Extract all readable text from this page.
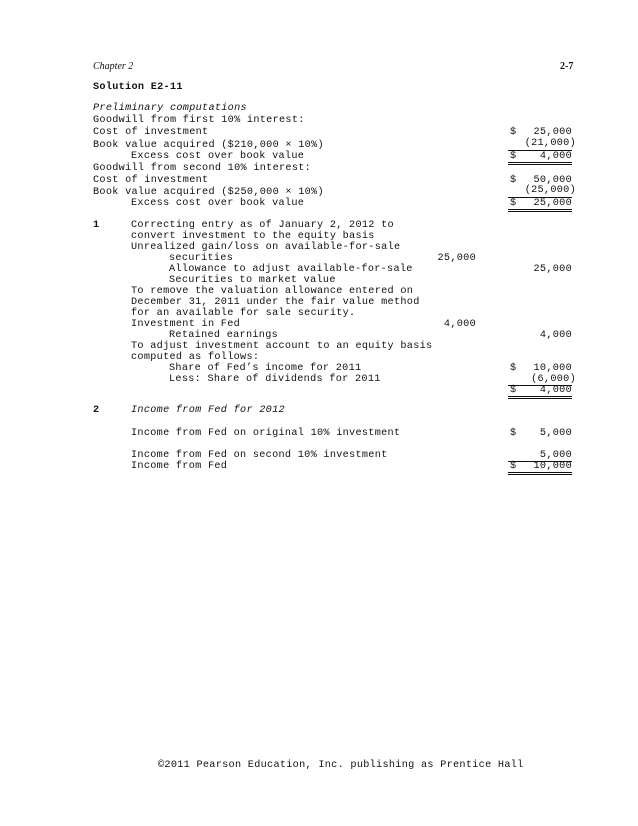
Chapter 2	2-7
Solution E2-11
Preliminary computations
Goodwill from first 10% interest:
Cost of investment	$	25,000
Book value acquired ($210,000 × 10%)	(21,000)
Excess cost over book value	$	4,000
Goodwill from second 10% interest:
Cost of investment	$	50,000
Book value acquired ($250,000 × 10%)	(25,000)
Excess cost over book value	$	25,000
1	Correcting entry as of January 2, 2012 to
convert investment to the equity basis
Unrealized gain/loss on available-for-sale
securities	25,000
Allowance to adjust available-for-sale	25,000
Securities to market value
To remove the valuation allowance entered on
December 31, 2011 under the fair value method
for an available for sale security.
Investment in Fed	4,000
Retained earnings	4,000
To adjust investment account to an equity basis
computed as follows:
Share of Fed’s income for 2011	$	10,000
Less: Share of dividends for 2011	(6,000)
$	4,000
2	Income from Fed for 2012
Income from Fed on original 10% investment	$	5,000
Income from Fed on second 10% investment	5,000
Income from Fed	$	10,000
©2011 Pearson Education, Inc. publishing as Prentice Hall
